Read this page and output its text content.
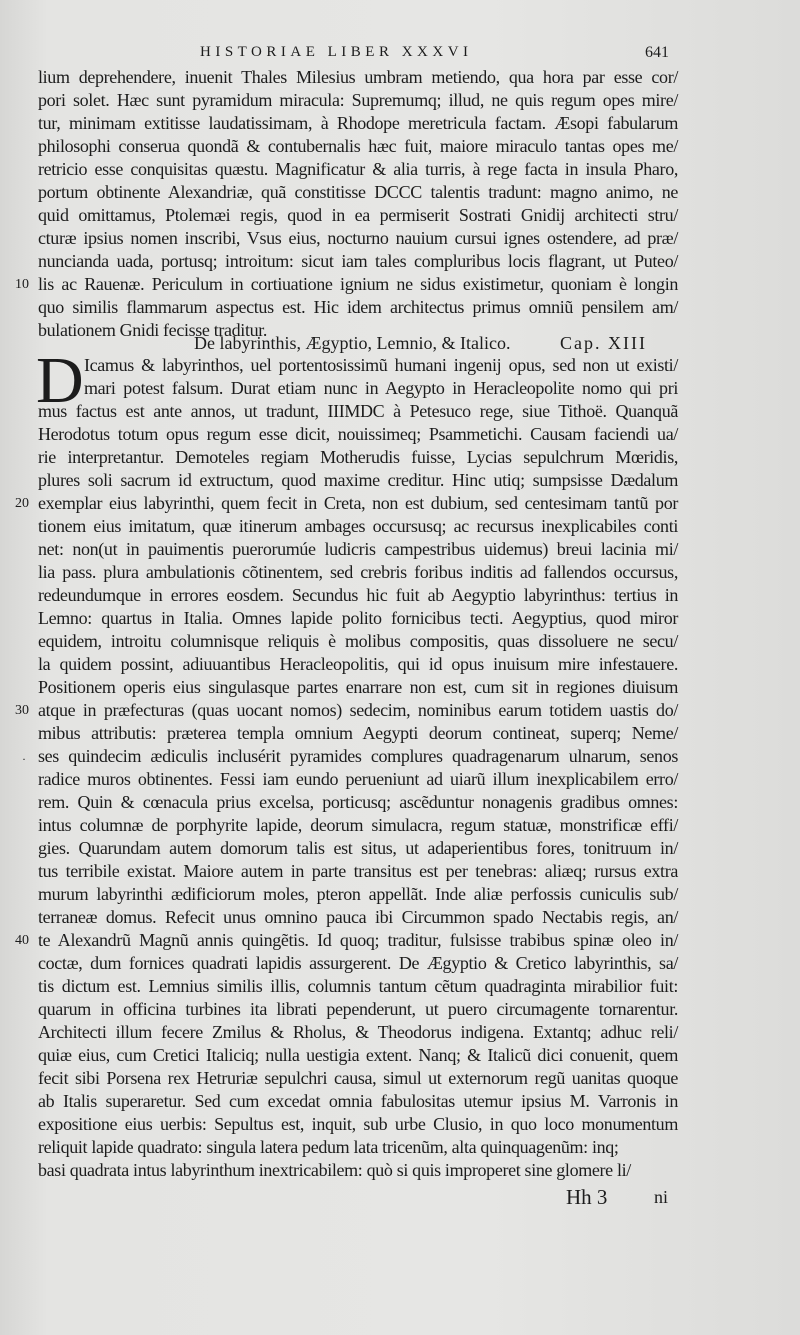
HISTORIAE LIBER XXXVI	641
lium deprehendere, inuenit Thales Milesius umbram metiendo, qua hora par esse cor/
pori solet. Hæc sunt pyramidum miracula: Supremumq; illud, ne quis regum opes mire/
tur, minimam extitisse laudatissimam, à Rhodope meretricula factam. Æsopi fabularum
philosophi conserua quondã & contubernalis hæc fuit, maiore miraculo tantas opes me/
retricio esse conquisitas quæstu. Magnificatur & alia turris, à rege facta in insula Pharo,
portum obtinente Alexandriæ, quã constitisse DCCC talentis tradunt: magno animo, ne
quid omittamus, Ptolemæi regis, quod in ea permiserit Sostrati Gnidij architecti stru/
cturæ ipsius nomen inscribi, Vsus eius, nocturno nauium cursui ignes ostendere, ad præ/
nuncianda uada, portusq; introitum: sicut iam tales compluribus locis flagrant, ut Puteo/
lis ac Rauenæ. Periculum in cortiuatione ignium ne sidus existimetur, quoniam è longin
quo similis flammarum aspectus est. Hic idem architectus primus omniũ pensilem am/
bulationem Gnidi fecisse traditur.
De labyrinthis, Ægyptio, Lemnio, & Italico.	Cap. XIII
D Icamus & labyrinthos, uel portentosissimũ humani ingenij opus, sed non ut existi/
mari potest falsum. Durat etiam nunc in Aegypto in Heracleopolite nomo qui pri
mus factus est ante annos, ut tradunt, IIIMDC à Petesuco rege, siue Tithoë. Quanquã
Herodotus totum opus regum esse dicit, nouissimeq; Psammetichi. Causam faciendi ua/
rie interpretantur. Demoteles regiam Motherudis fuisse, Lycias sepulchrum Mœridis,
plures soli sacrum id extructum, quod maxime creditur. Hinc utiq; sumpsisse Dædalum
exemplar eius labyrinthi, quem fecit in Creta, non est dubium, sed centesimam tantũ por
tionem eius imitatum, quæ itinerum ambages occursusq; ac recursus inexplicabiles conti
net: non(ut in pauimentis puerorumúe ludicris campestribus uidemus) breui lacinia mi/
lia pass. plura ambulationis cõtinentem, sed crebris foribus inditis ad fallendos occursus,
redeundumque in errores eosdem. Secundus hic fuit ab Aegyptio labyrinthus: tertius in
Lemno: quartus in Italia. Omnes lapide polito fornicibus tecti. Aegyptius, quod miror
equidem, introitu columnisque reliquis è molibus compositis, quas dissoluere ne secu/
la quidem possint, adiuuantibus Heracleopolitis, qui id opus inuisum mire infestauere.
Positionem operis eius singulasque partes enarrare non est, cum sit in regiones diuisum
atque in præfecturas (quas uocant nomos) sedecim, nominibus earum totidem uastis do/
mibus attributis: præterea templa omnium Aegypti deorum contineat, superq; Neme/
ses quindecim ædiculis inclusérit pyramides complures quadragenarum ulnarum, senos
radice muros obtinentes. Fessi iam eundo perueniunt ad uiarũ illum inexplicabilem erro/
rem. Quin & cœnacula prius excelsa, porticusq; ascẽduntur nonagenis gradibus omnes:
intus columnæ de porphyrite lapide, deorum simulacra, regum statuæ, monstrificæ effi/
gies. Quarundam autem domorum talis est situs, ut adaperientibus fores, tonitruum in/
tus terribile existat. Maiore autem in parte transitus est per tenebras: aliæq; rursus extra
murum labyrinthi ædificiorum moles, pteron appellãt. Inde aliæ perfossis cuniculis sub/
terraneæ domus. Refecit unus omnino pauca ibi Circummon spado Nectabis regis, an/
te Alexandrũ Magnũ annis quingẽtis. Id quoq; traditur, fulsisse trabibus spinæ oleo in/
coctæ, dum fornices quadrati lapidis assurgerent. De Ægyptio & Cretico labyrinthis, sa/
tis dictum est. Lemnius similis illis, columnis tantum cẽtum quadraginta mirabilior fuit:
quarum in officina turbines ita librati pependerunt, ut puero circumagente tornarentur.
Architecti illum fecere Zmilus & Rholus, & Theodorus indigena. Extantq; adhuc reli/
quiæ eius, cum Cretici Italiciq; nulla uestigia extent. Nanq; & Italicũ dici conuenit, quem
fecit sibi Porsena rex Hetruriæ sepulchri causa, simul ut externorum regũ uanitas quoque
ab Italis superaretur. Sed cum excedat omnia fabulositas utemur ipsius M. Varronis in
expositione eius uerbis: Sepultus est, inquit, sub urbe Clusio, in quo loco monumentum
reliquit lapide quadrato: singula latera pedum lata tricenũm, alta quinquagenũm: inq;
basi quadrata intus labyrinthum inextricabilem: quò si quis improperet sine glomere li/
10
20
30
40
·
Hh 3	ni
